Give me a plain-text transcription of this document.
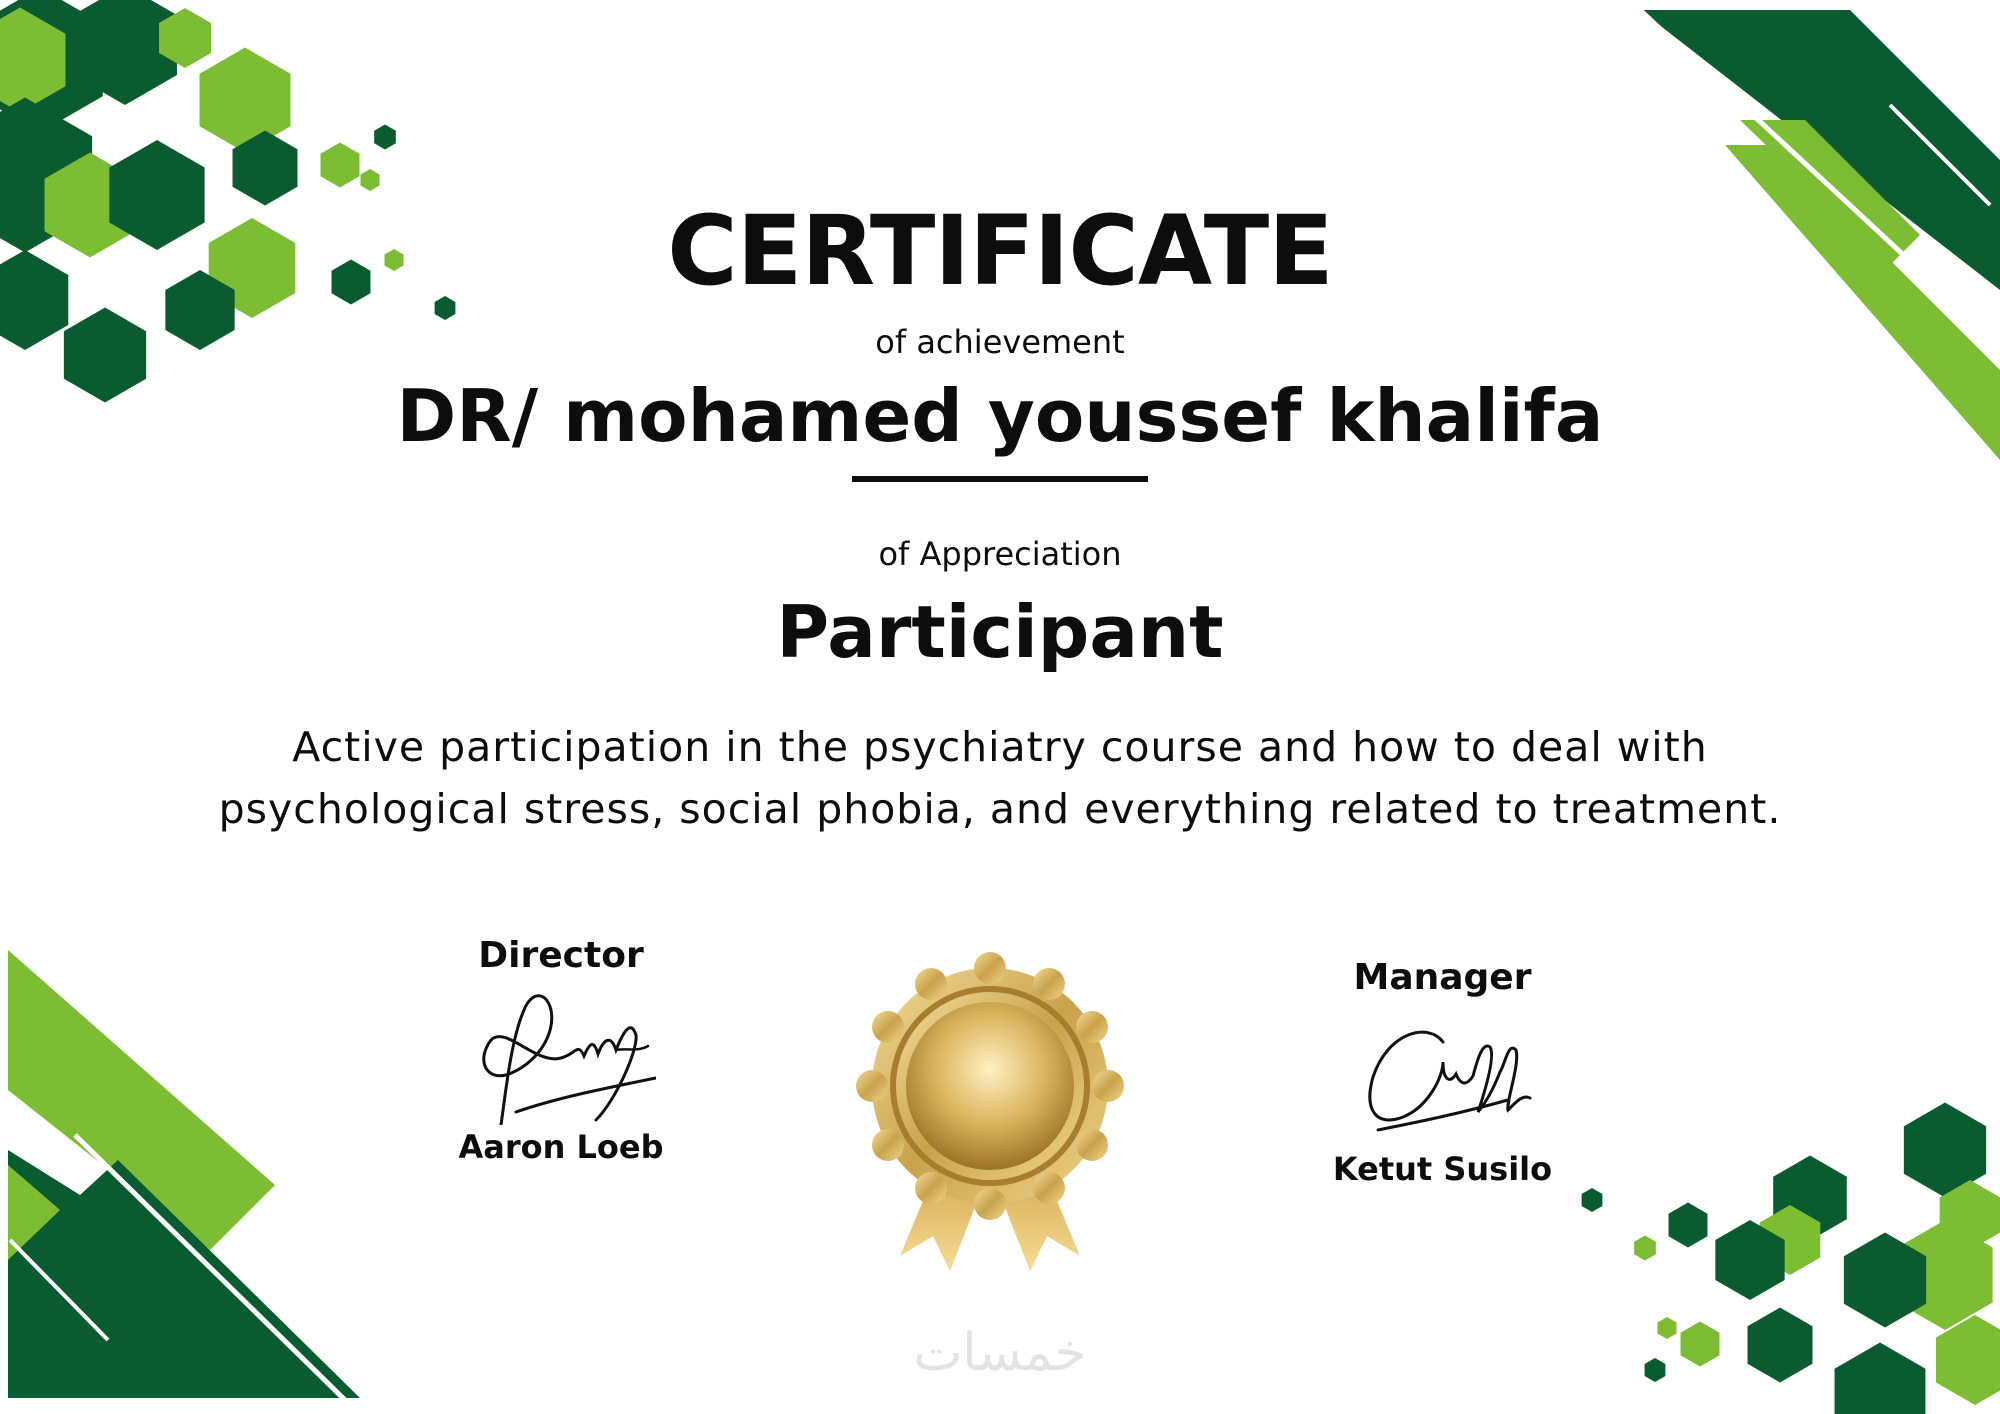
CERTIFICATE

of achievement

DR/ mohamed youssef khalifa

of Appreciation

Participant
Active participation in the psychiatry course and how to deal with
psychological stress, social phobia, and everything related to treatment.
Director
Aaron Loeb
Manager
Ketut Susilo
خمسات
